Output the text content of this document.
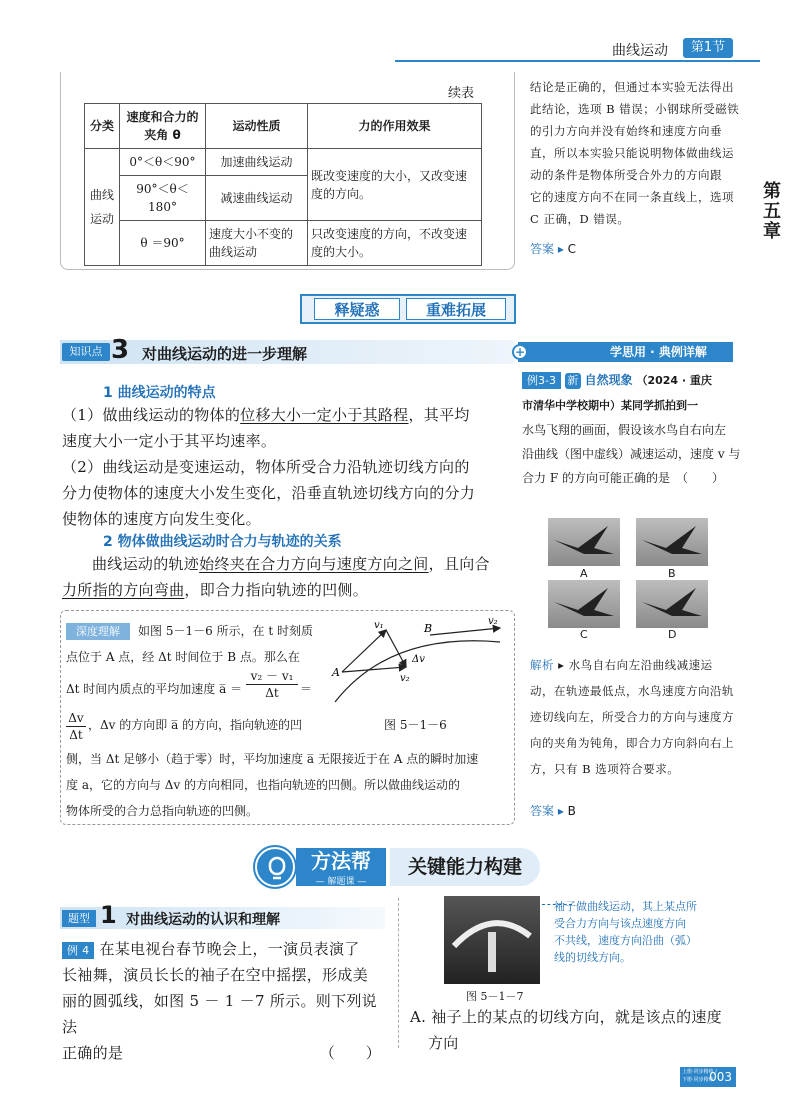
曲线运动	第1节
第
五
章
续表
分类	速度和合力的夹角 θ	运动性质	力的作用效果
曲线运动	0°＜θ＜90°	加速曲线运动	既改变速度的大小，又改变速度的方向。
	90°＜θ＜180°	减速曲线运动	
	θ ＝90°	速度大小不变的曲线运动	只改变速度的方向，不改变速度的大小。
结论是正确的，但通过本实验无法得出
此结论，选项 B 错误；小钢球所受磁铁
的引力方向并没有始终和速度方向垂
直，所以本实验只能说明物体做曲线运
动的条件是物体所受合外力的方向跟
它的速度方向不在同一条直线上，选项
C 正确，D 错误。
答案 ▸ C
释疑惑	重难拓展
知识点 3 对曲线运动的进一步理解	+	学思用 · 典例详解
1 曲线运动的特点
（1）做曲线运动的物体的位移大小一定小于其路程，其平均
速度大小一定小于其平均速率。
（2）曲线运动是变速运动，物体所受合力沿轨迹切线方向的
分力使物体的速度大小发生变化，沿垂直轨迹切线方向的分力
使物体的速度方向发生变化。
2 物体做曲线运动时合力与轨迹的关系
曲线运动的轨迹始终夹在合力方向与速度方向之间，且向合
力所指的方向弯曲，即合力指向轨迹的凹侧。
深度理解	如图 5－1－6 所示，在 t 时刻质
点位于 A 点，经 Δt 时间位于 B 点。那么在
Δt 时间内质点的平均加速度 a̅ ＝ $\frac{\text{v₂ － v₁}}{\Delta t}$ ＝
$\frac{\Delta v}{\Delta t}$ ，Δv 的方向即 a̅ 的方向，指向轨迹的凹
侧，当 Δt 足够小（趋于零）时，平均加速度 a̅ 无限接近于在 A 点的瞬时加速
度 a，它的方向与 Δv 的方向相同，也指向轨迹的凹侧。所以做曲线运动的
物体所受的合力总指向轨迹的凹侧。
v₁	v₂
v₂
B
A
Δv
图 5－1－6
例3-3 新 自然现象 （2024 · 重庆
市清华中学校期中）某同学抓拍到一
水鸟飞翔的画面，假设该水鸟自右向左
沿曲线（图中虚线）减速运动，速度 v 与
合力 F 的方向可能正确的是　（　　）
A	B
C	D
解析 ▸ 水鸟自右向左沿曲线减速运
动，在轨迹最低点，水鸟速度方向沿轨
迹切线向左，所受合力的方向与速度方
向的夹角为钝角，即合力方向斜向右上
方，只有 B 选项符合要求。
答案 ▸ B
方法帮
— 解题课 —
关键能力构建
题型 1 对曲线运动的认识和理解
例 4 在某电视台春节晚会上，一演员表演了
长袖舞，演员长长的袖子在空中摇摆，形成美
丽的圆弧线，如图 5 － 1 －7 所示。则下列说法
正确的是	（　　）
袖子做曲线运动，其上某点所
受合力方向与该点速度方向
不共线，速度方向沿曲（弧）
线的切线方向。
图 5－1－7
A. 袖子上的某点的切线方向，就是该点的速度
方向
003
上册·同步精练 / 下册·同步精练
